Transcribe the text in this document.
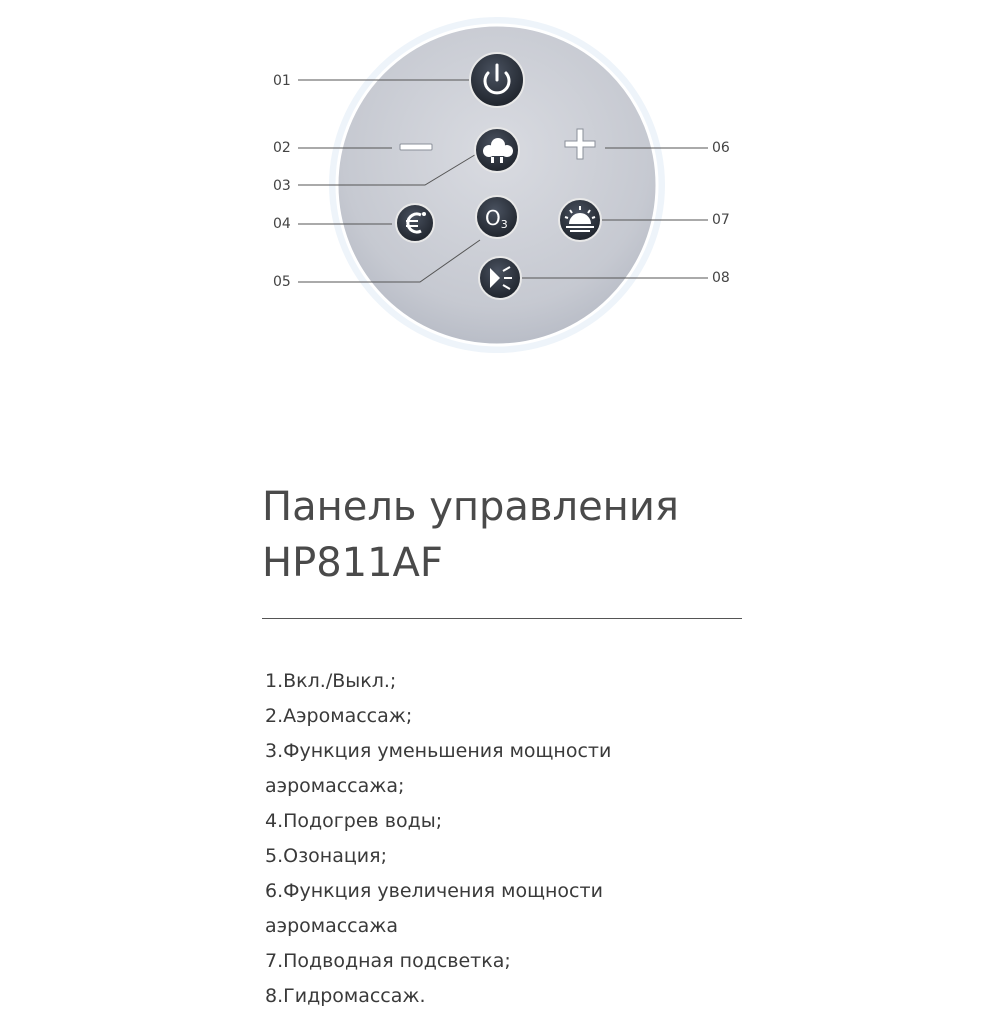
O3
01
02
03
04
05
06
07
08
Панель управления
HP811AF
1.Вкл./Выкл.;
2.Аэромассаж;
3.Функция уменьшения мощности
аэромассажа;
4.Подогрев воды;
5.Озонация;
6.Функция увеличения мощности
аэромассажа
7.Подводная подсветка;
8.Гидромассаж.
